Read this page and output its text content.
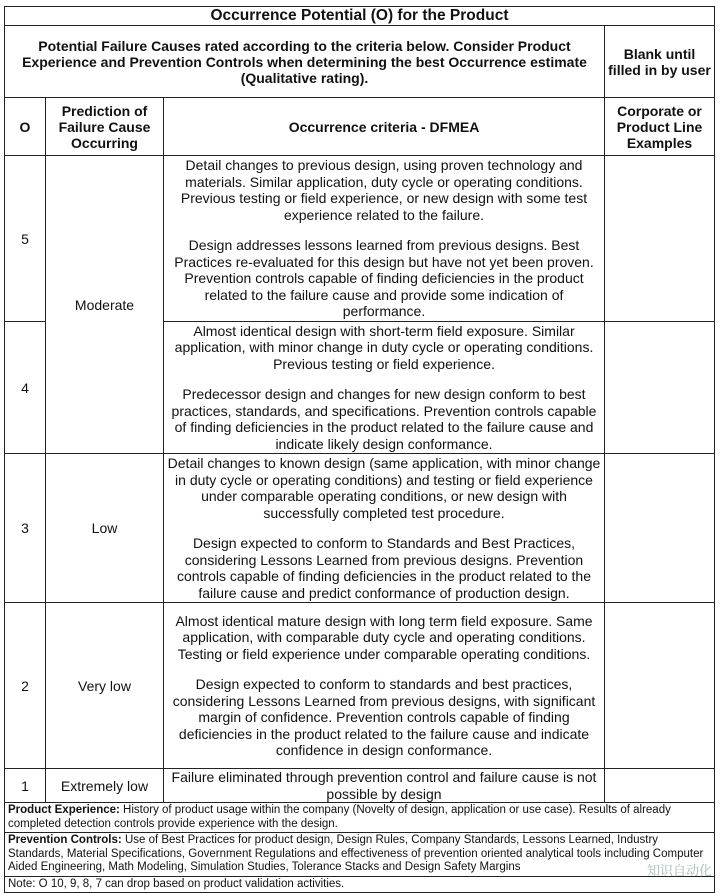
Occurrence Potential (O) for the Product			
Potential Failure Causes rated according to the criteria below. Consider Product Experience and Prevention Controls when determining the best Occurrence estimate (Qualitative rating).			Blank until filled in by user
O	Prediction of Failure Cause Occurring	Occurrence criteria - DFMEA	Corporate or Product Line Examples
5	Moderate	Detail changes to previous design, using proven technology and materials. Similar application, duty cycle or operating conditions. Previous testing or field experience, or new design with some test experience related to the failure.

Design addresses lessons learned from previous designs. Best Practices re-evaluated for this design but have not yet been proven. Prevention controls capable of finding deficiencies in the product related to the failure cause and provide some indication of performance.	

4		Almost identical design with short-term field exposure. Similar application, with minor change in duty cycle or operating conditions. Previous testing or field experience.

Predecessor design and changes for new design conform to best practices, standards, and specifications. Prevention controls capable of finding deficiencies in the product related to the failure cause and indicate likely design conformance.	

3	Low	Detail changes to known design (same application, with minor change in duty cycle or operating conditions) and testing or field experience under comparable operating conditions, or new design with successfully completed test procedure.

Design expected to conform to Standards and Best Practices, considering Lessons Learned from previous designs. Prevention controls capable of finding deficiencies in the product related to the failure cause and predict conformance of production design.	

2	Very low	Almost identical mature design with long term field exposure. Same application, with comparable duty cycle and operating conditions. Testing or field experience under comparable operating conditions.

Design expected to conform to standards and best practices, considering Lessons Learned from previous designs, with significant margin of confidence. Prevention controls capable of finding deficiencies in the product related to the failure cause and indicate confidence in design conformance.	

1	Extremely low	Failure eliminated through prevention control and failure cause is not possible by design	

Product Experience: History of product usage within the company (Novelty of design, application or use case). Results of already completed detection controls provide experience with the design.			
Prevention Controls: Use of Best Practices for product design, Design Rules, Company Standards, Lessons Learned, Industry Standards, Material Specifications, Government Regulations and effectiveness of prevention oriented analytical tools including Computer Aided Engineering, Math Modeling, Simulation Studies, Tolerance Stacks and Design Safety Margins			
Note: O 10, 9, 8, 7 can drop based on product validation activities.			
知识自动化
